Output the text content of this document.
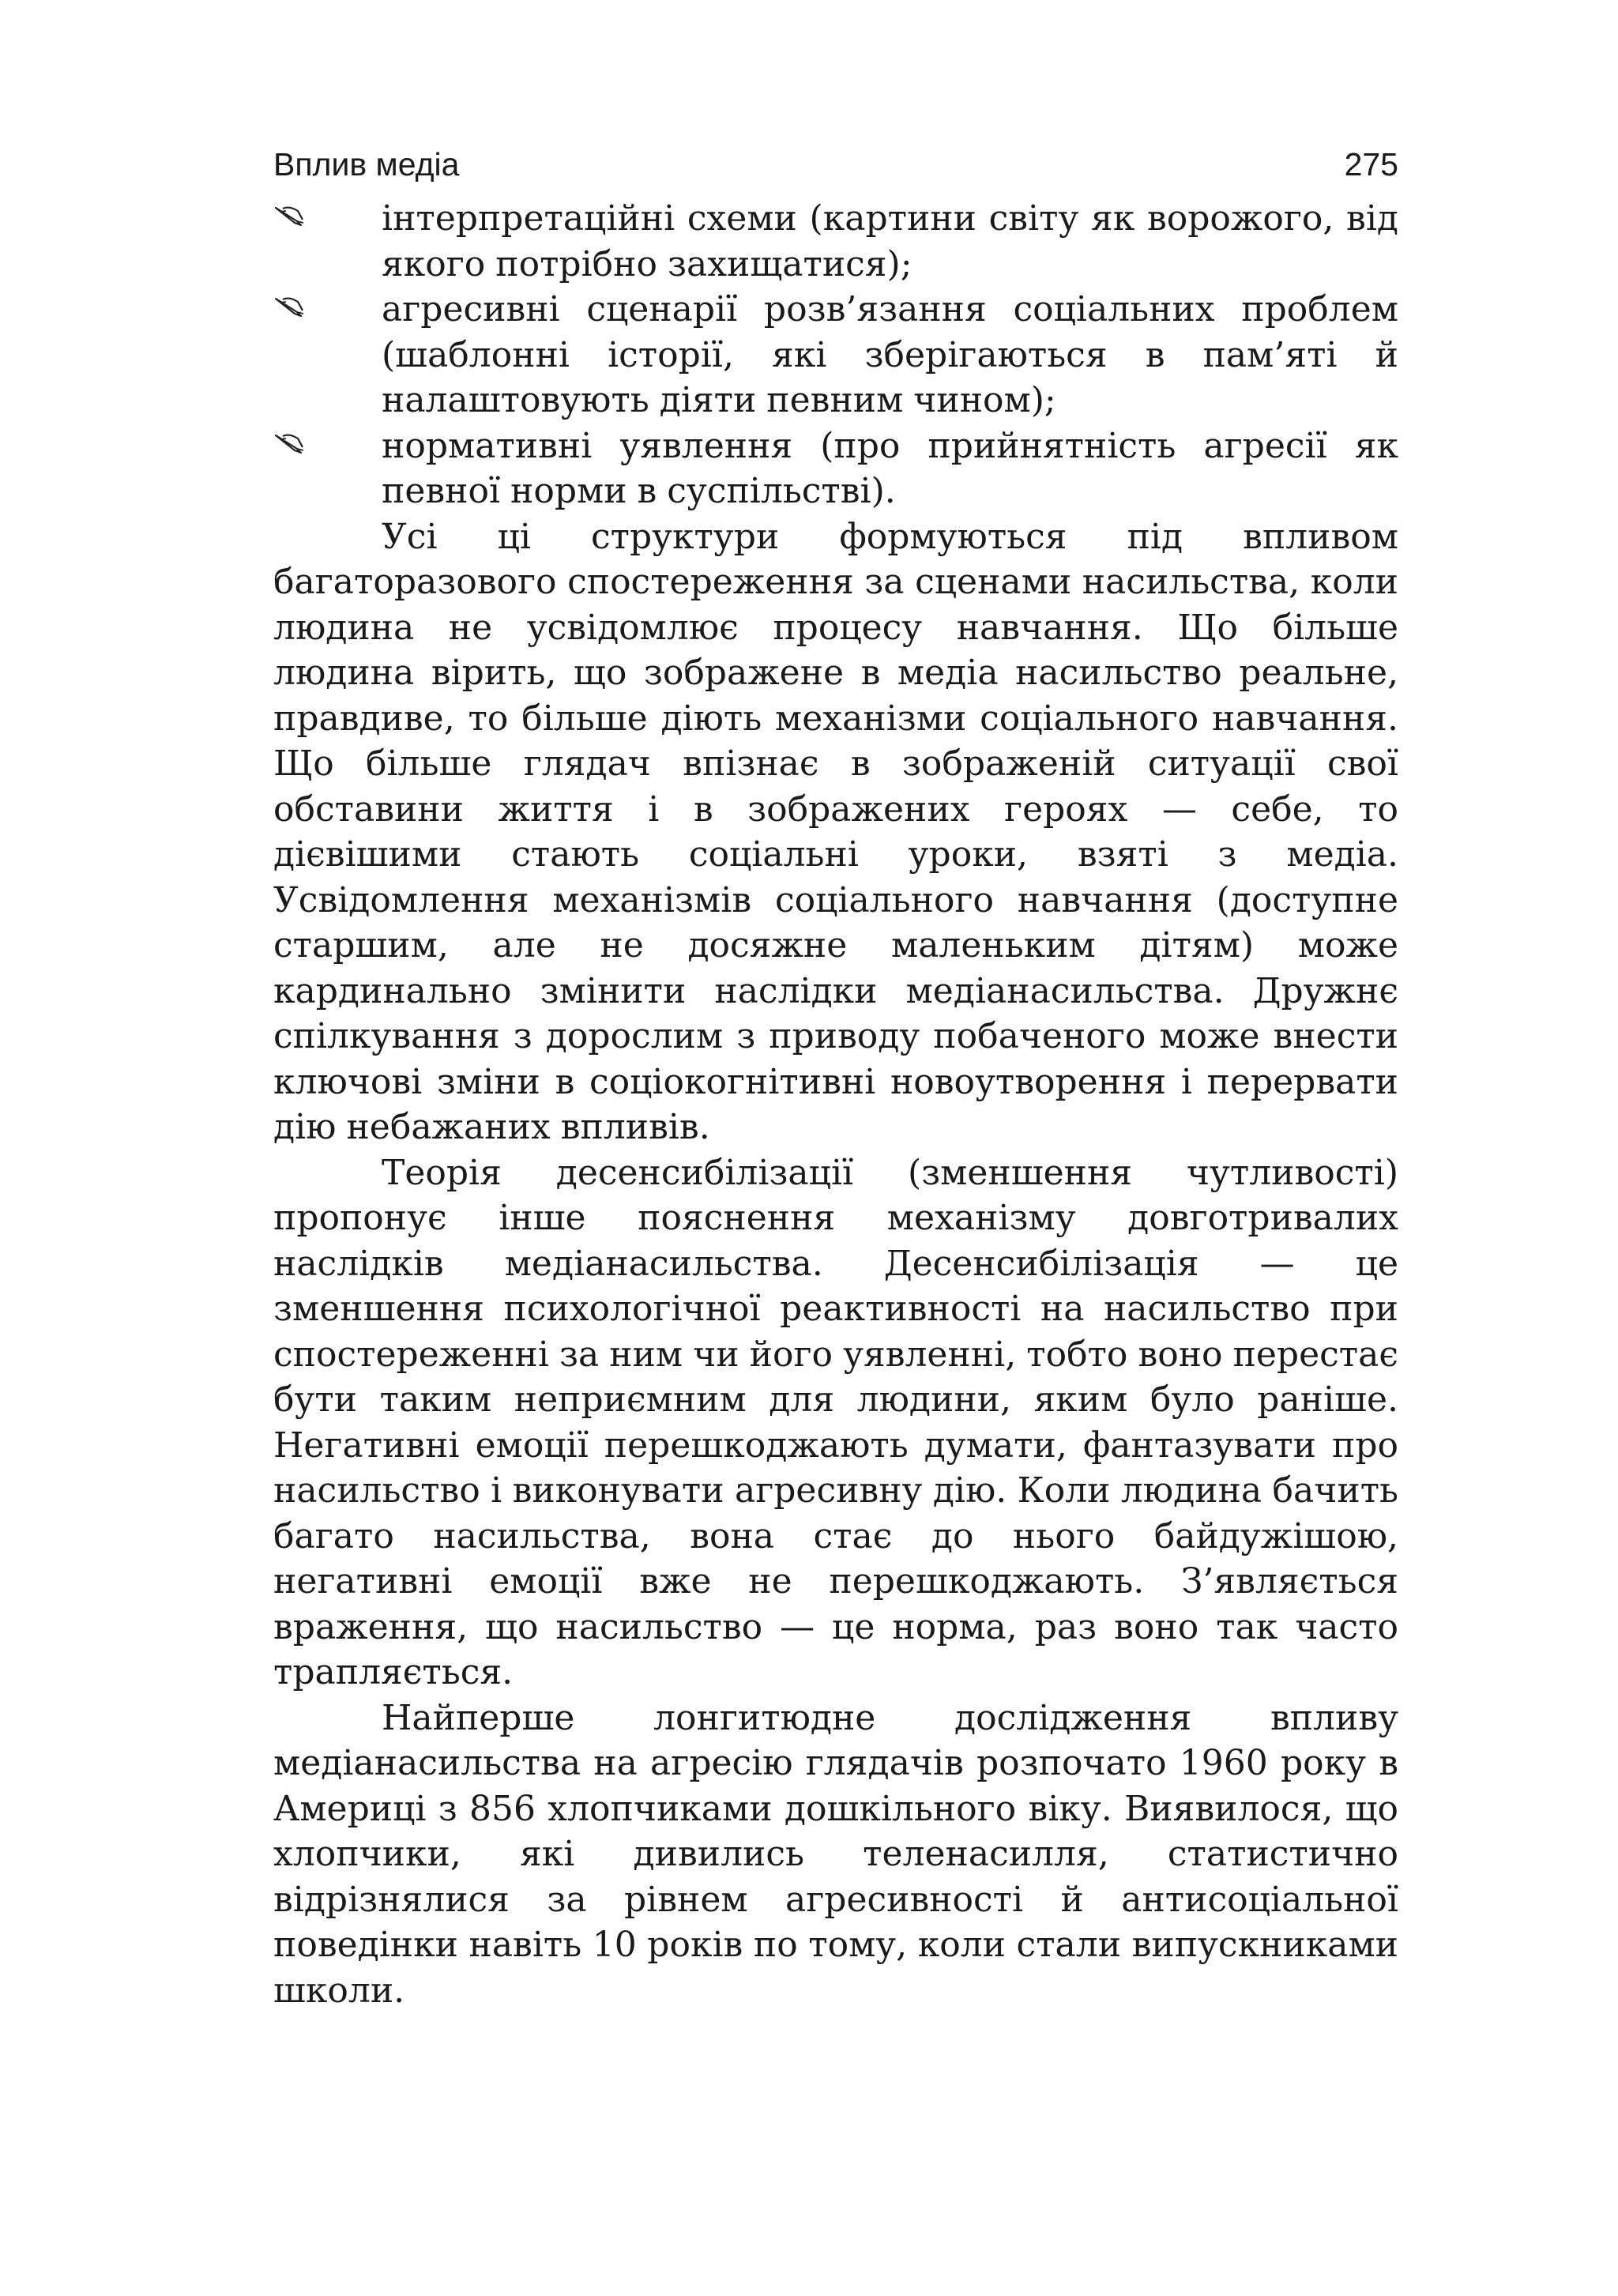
Вплив медіа	275
інтерпретаційні схеми (картини світу як ворожого, від якого потрібно захищатися);
агресивні сценарії розв’язання соціальних проблем (шаблонні історії, які зберігаються в пам’яті й налаштовують діяти певним чином);
нормативні уявлення (про прийнятність агресії як певної норми в суспільстві).

Усі ці структури формуються під впливом багаторазового спостереження за сценами насильства, коли людина не усвідомлює процесу навчання. Що більше людина вірить, що зображене в медіа насильство реальне, правдиве, то більше діють механізми соціального навчання. Що більше глядач впізнає в зображеній ситуації свої обставини життя і в зображених героях — себе, то дієвішими стають соціальні уроки, взяті з медіа. Усвідомлення механізмів соціального навчання (доступне старшим, але не досяжне маленьким дітям) може кардинально змінити наслідки медіанасильства. Дружнє спілкування з дорослим з приводу побаченого може внести ключові зміни в соціокогнітивні новоутворення і перервати дію небажаних впливів.

Теорія десенсибілізації (зменшення чутливості) пропонує інше пояснення механізму довготривалих наслідків медіанасильства. Десенсибілізація — це зменшення психологічної реактивності на насильство при спостереженні за ним чи його уявленні, тобто воно перестає бути таким неприємним для людини, яким було раніше. Негативні емоції перешкоджають думати, фантазувати про насильство і виконувати агресивну дію. Коли людина бачить багато насильства, вона стає до нього байдужішою, негативні емоції вже не перешкоджають. З’являється враження, що насильство — це норма, раз воно так часто трапляється.

Найперше лонгитюдне дослідження впливу медіанасильства на агресію глядачів розпочато 1960 року в Америці з 856 хлопчиками дошкільного віку. Виявилося, що хлопчики, які дивились теленасилля, статистично відрізнялися за рівнем агресивності й антисоціальної поведінки навіть 10 років по тому, коли стали випускниками школи.
